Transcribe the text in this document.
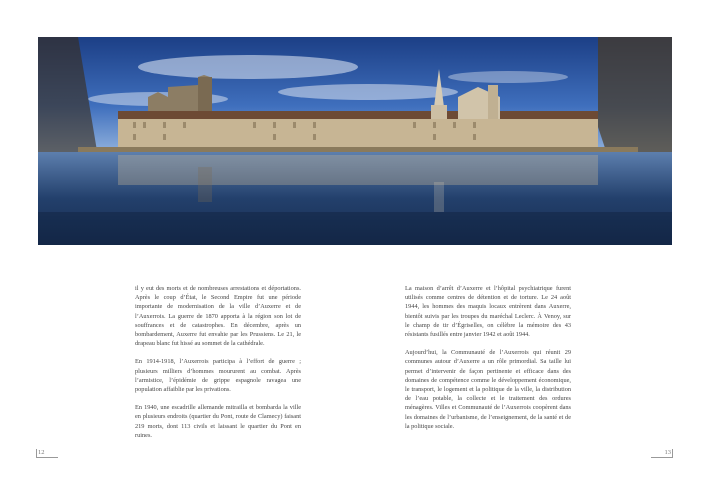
il y eut des morts et de nombreuses arrestations et déportations. Après le coup d’État, le Second Empire fut une période importante de modernisation de la ville d’Auxerre et de l’Auxerrois. La guerre de 1870 apporta à la région son lot de souffrances et de catastrophes. En décembre, après un bombardement, Auxerre fut envahie par les Prussiens. Le 21, le drapeau blanc fut hissé au sommet de la cathédrale.

En 1914-1918, l’Auxerrois participa à l’effort de guerre ; plusieurs milliers d’hommes moururent au combat. Après l’armistice, l’épidémie de grippe espagnole ravagea une population affaiblie par les privations.

En 1940, une escadrille allemande mitrailla et bombarda la ville en plusieurs endroits (quartier du Pont, route de Clamecy) faisant 219 morts, dont 113 civils et laissant le quartier du Pont en ruines.

La maison d’arrêt d’Auxerre et l’hôpital psychiatrique furent utilisés comme centres de détention et de torture. Le 24 août 1944, les hommes des maquis locaux entrèrent dans Auxerre, bientôt suivis par les troupes du maréchal Leclerc. À Venoy, sur le champ de tir d’Égriselles, on célèbre la mémoire des 43 résistants fusillés entre janvier 1942 et août 1944.

Aujourd’hui, la Communauté de l’Auxerrois qui réunit 29 communes autour d’Auxerre a un rôle primordial. Sa taille lui permet d’intervenir de façon pertinente et efficace dans des domaines de compétence comme le développement économique, le transport, le logement et la politique de la ville, la distribution de l’eau potable, la collecte et le traitement des ordures ménagères. Villes et Communauté de l’Auxerrois coopèrent dans les domaines de l’urbanisme, de l’enseignement, de la santé et de la politique sociale.

12	13
